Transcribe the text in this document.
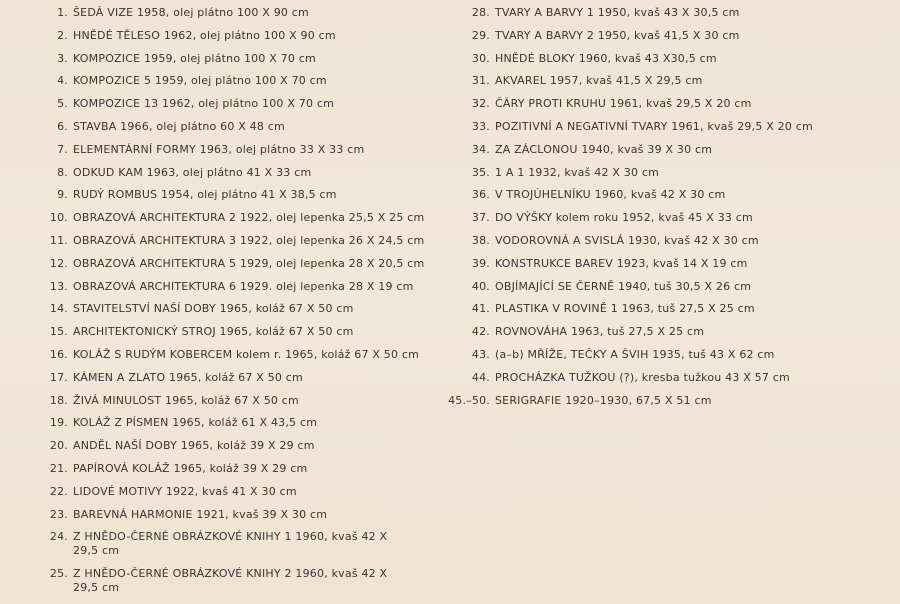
1. ŠEDÁ VIZE 1958, olej plátno 100 X 90 cm
2. HNĚDÉ TĚLESO 1962, olej plátno 100 X 90 cm
3. KOMPOZICE 1959, olej plátno 100 X 70 cm
4. KOMPOZICE 5 1959, olej plátno 100 X 70 cm
5. KOMPOZICE 13 1962, olej plátno 100 X 70 cm
6. STAVBA 1966, olej plátno 60 X 48 cm
7. ELEMENTÁRNÍ FORMY 1963, olej plátno 33 X 33 cm
8. ODKUD KAM 1963, olej plátno 41 X 33 cm
9. RUDÝ ROMBUS 1954, olej plátno 41 X 38,5 cm
10. OBRAZOVÁ ARCHITEKTURA 2 1922, olej lepenka 25,5 X 25 cm
11. OBRAZOVÁ ARCHITEKTURA 3 1922, olej lepenka 26 X 24,5 cm
12. OBRAZOVÁ ARCHITEKTURA 5 1929, olej lepenka 28 X 20,5 cm
13. OBRAZOVÁ ARCHITEKTURA 6 1929. olej lepenka 28 X 19 cm
14. STAVITELSTVÍ NAŠÍ DOBY 1965, koláž 67 X 50 cm
15. ARCHITEKTONICKÝ STROJ 1965, koláž 67 X 50 cm
16. KOLÁŽ S RUDÝM KOBERCEM kolem r. 1965, koláž 67 X 50 cm
17. KÁMEN A ZLATO 1965, koláž 67 X 50 cm
18. ŽIVÁ MINULOST 1965, koláž 67 X 50 cm
19. KOLÁŽ Z PÍSMEN 1965, koláž 61 X 43,5 cm
20. ANDĚL NAŠÍ DOBY 1965, koláž 39 X 29 cm
21. PAPÍROVÁ KOLÁŽ 1965, koláž 39 X 29 cm
22. LIDOVÉ MOTIVY 1922, kvaš 41 X 30 cm
23. BAREVNÁ HARMONIE 1921, kvaš 39 X 30 cm
24. Z HNĚDO-ČERNÉ OBRÁZKOVÉ KNIHY 1 1960, kvaš 42 X 29,5 cm
25. Z HNĚDO-ČERNÉ OBRÁZKOVÉ KNIHY 2 1960, kvaš 42 X 29,5 cm
28. TVARY A BARVY 1 1950, kvaš 43 X 30,5 cm
29. TVARY A BARVY 2 1950, kvaš 41,5 X 30 cm
30. HNĚDÉ BLOKY 1960, kvaš 43 X30,5 cm
31. AKVAREL 1957, kvaš 41,5 X 29,5 cm
32. ČÁRY PROTI KRUHU 1961, kvaš 29,5 X 20 cm
33. POZITIVNÍ A NEGATIVNÍ TVARY 1961, kvaš 29,5 X 20 cm
34. ZA ZÁCLONOU 1940, kvaš 39 X 30 cm
35. 1 A 1 1932, kvaš 42 X 30 cm
36. V TROJÚHELNÍKU 1960, kvaš 42 X 30 cm
37. DO VÝŠKY kolem roku 1952, kvaš 45 X 33 cm
38. VODOROVNÁ A SVISLÁ 1930, kvaš 42 X 30 cm
39. KONSTRUKCE BAREV 1923, kvaš 14 X 19 cm
40. OBJÍMAJÍCÍ SE ČERNĚ 1940, tuš 30,5 X 26 cm
41. PLASTIKA V ROVINĚ 1 1963, tuš 27,5 X 25 cm
42. ROVNOVÁHA 1963, tuš 27,5 X 25 cm
43. (a–b) MŘÍŽE, TEČKY A ŠVIH 1935, tuš 43 X 62 cm
44. PROCHÁZKA TUŽKOU (?), kresba tužkou 43 X 57 cm
45.–50. SERIGRAFIE 1920–1930, 67,5 X 51 cm
